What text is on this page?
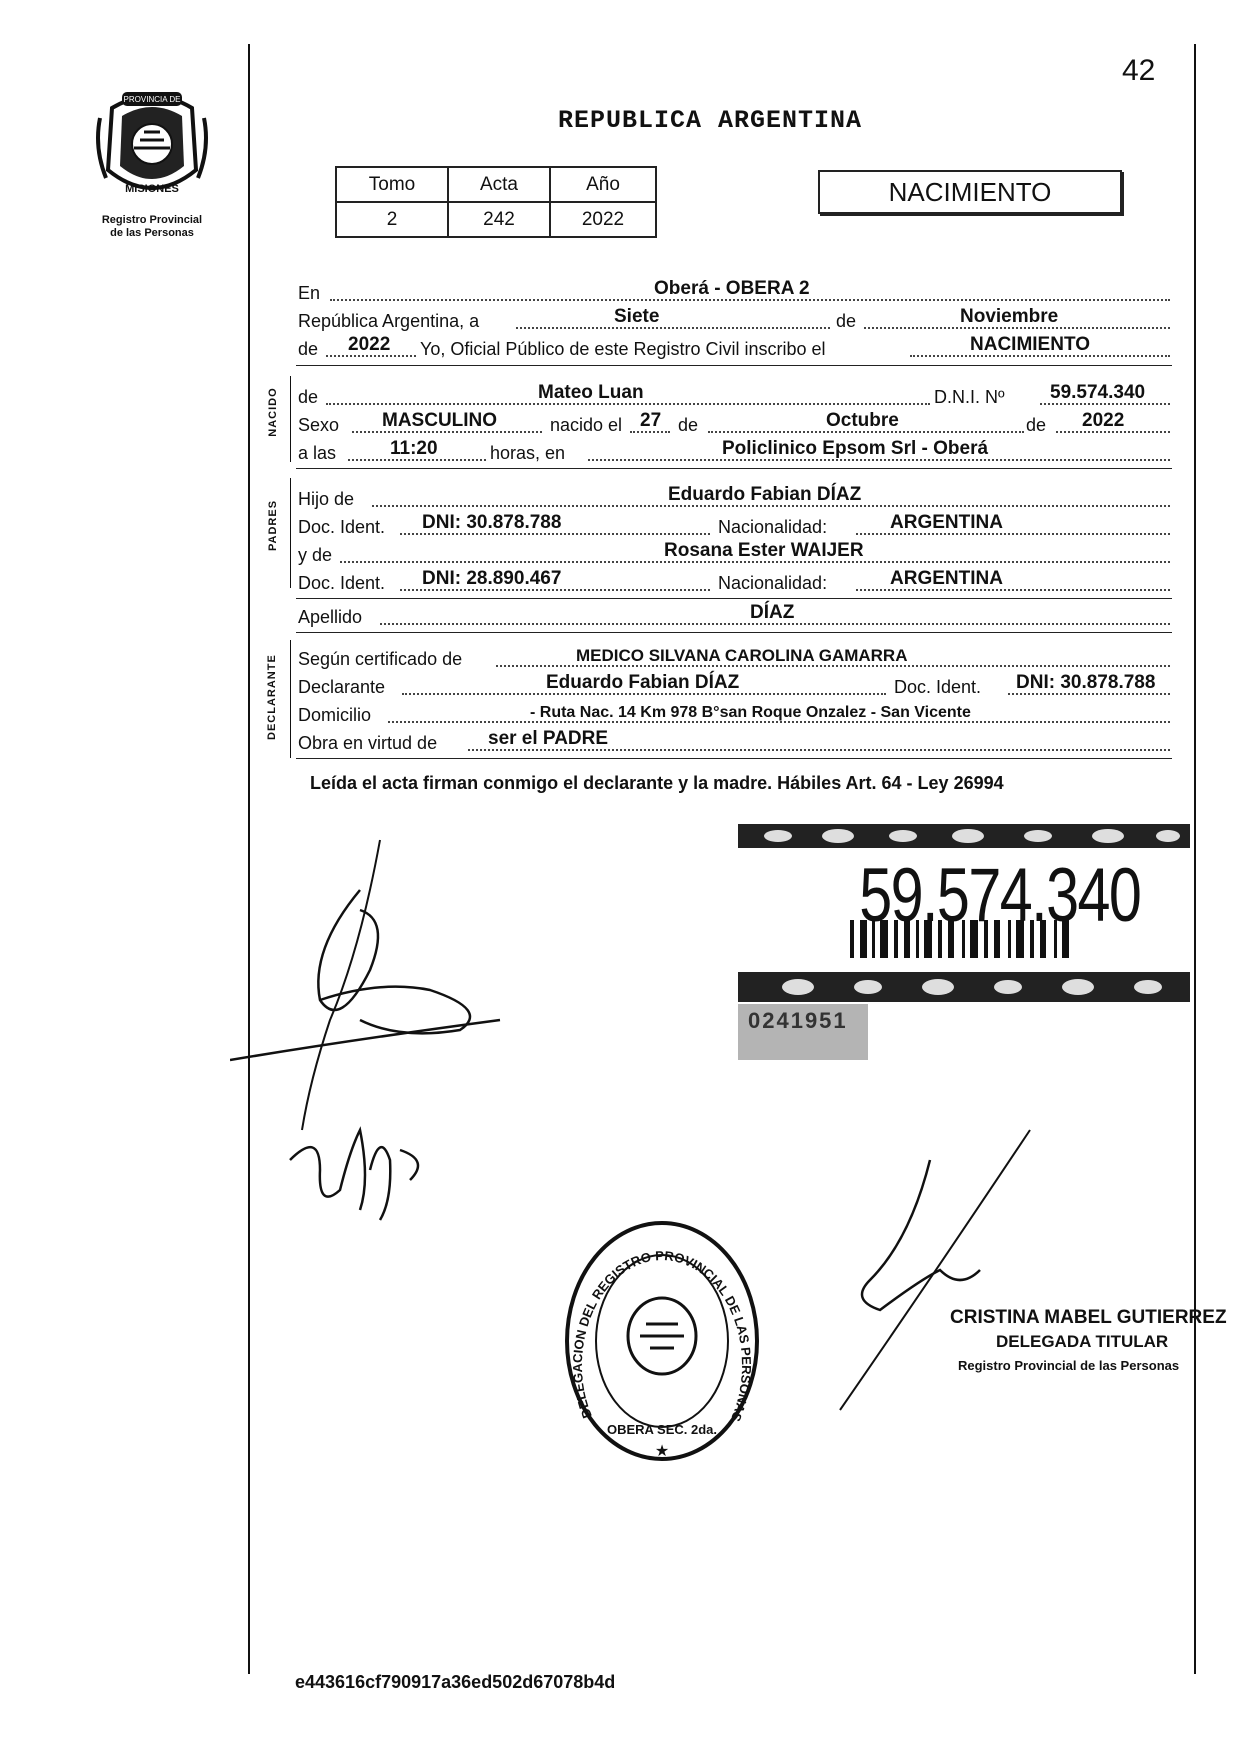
42
PROVINCIA DE
MISIONES
Registro Provincial
de las Personas
REPUBLICA ARGENTINA
Tomo	Acta	Año
2	242	2022
NACIMIENTO
En	Oberá - OBERA 2
República Argentina, a	Siete	de	Noviembre
de 2022 Yo, Oficial Público de este Registro Civil inscribo el	NACIMIENTO
NACIDO de	Mateo Luan	D.N.I. Nº 59.574.340
Sexo MASCULINO	nacido el 27 de	Octubre	de 2022
a las	11:20	horas, en	Policlinico Epsom Srl - Oberá
PADRES
Hijo de	Eduardo Fabian DÍAZ
Doc. Ident. DNI: 30.878.788	Nacionalidad:	ARGENTINA
y de	Rosana Ester WAIJER
Doc. Ident. DNI: 28.890.467	Nacionalidad:	ARGENTINA
Apellido	DÍAZ
DECLARANTE Según certificado de	MEDICO SILVANA CAROLINA GAMARRA
Declarante	Eduardo Fabian DÍAZ	Doc. Ident. DNI: 30.878.788
Domicilio	- Ruta Nac. 14 Km 978 B°san Roque Onzalez - San Vicente
Obra en virtud de	ser el PADRE
Leída el acta firman conmigo el declarante y la madre. Hábiles Art. 64 - Ley 26994
59.574.340
0241951
DELEGACION DEL REGISTRO PROVINCIAL DE LAS PERSONAS
OBERA SEC. 2da.
★
CRISTINA MABEL GUTIERREZ
DELEGADA TITULAR
Registro Provincial de las Personas
e443616cf790917a36ed502d67078b4d
